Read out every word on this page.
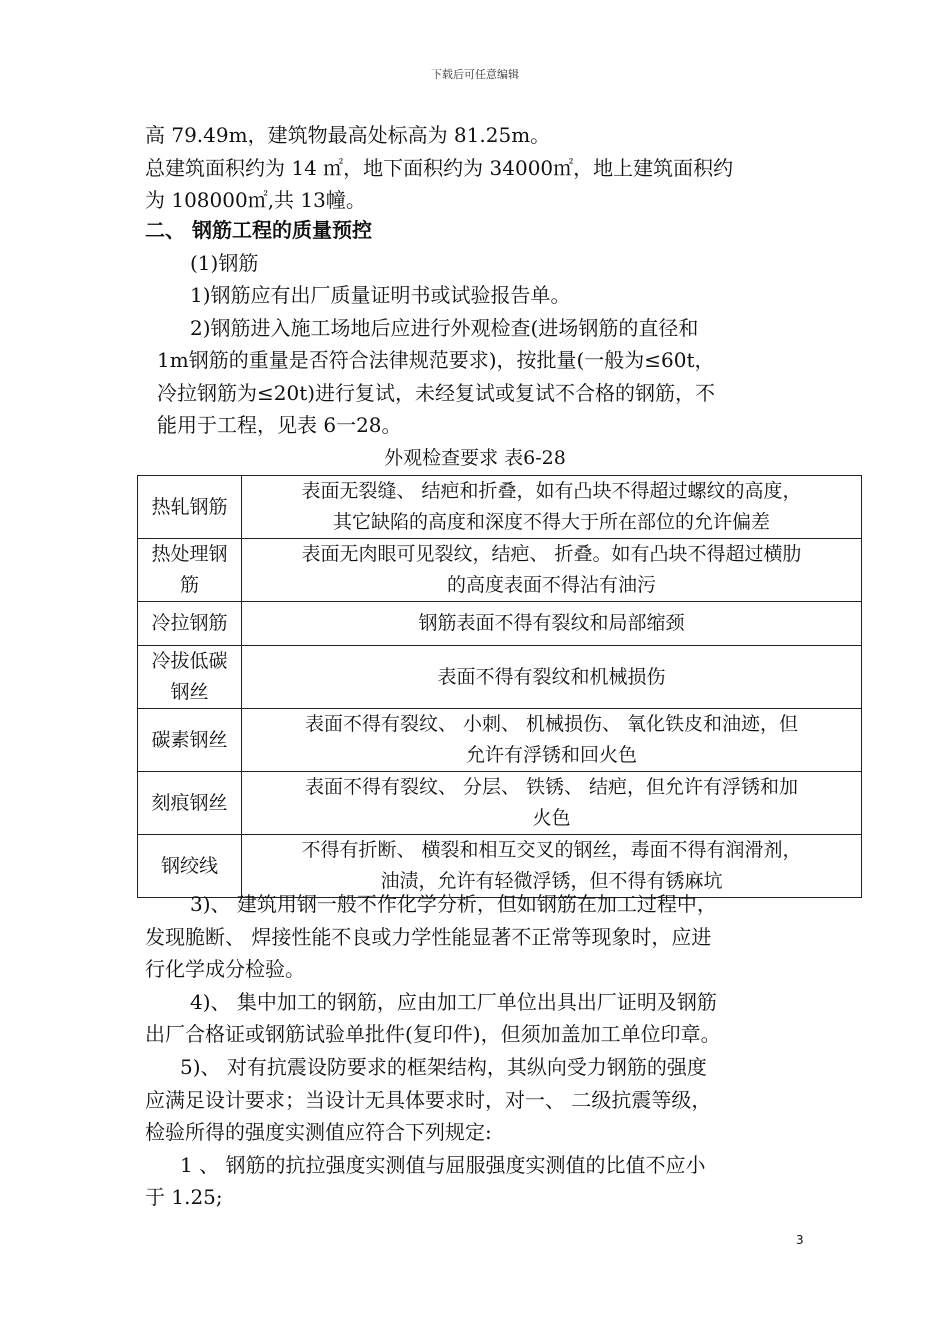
下载后可任意编辑
高 79.49m，建筑物最高处标高为 81.25m。
总建筑面积约为 14 ㎡，地下面积约为 34000㎡，地上建筑面积约
为 108000㎡,共 13幢。
二、 钢筋工程的质量预控
(1)钢筋
1)钢筋应有出厂质量证明书或试验报告单。
2)钢筋进入施工场地后应进行外观检查(进场钢筋的直径和
1m钢筋的重量是否符合法律规范要求)，按批量(一般为≤60t，
冷拉钢筋为≤20t)进行复试，未经复试或复试不合格的钢筋，不
能用于工程，见表 6一28。
外观检查要求 表6-28
热轧钢筋	表面无裂缝、 结疤和折叠，如有凸块不得超过螺纹的高度，
其它缺陷的高度和深度不得大于所在部位的允许偏差
热处理钢
筋	表面无肉眼可见裂纹，结疤、 折叠。如有凸块不得超过横肋
的高度表面不得沾有油污
冷拉钢筋	钢筋表面不得有裂纹和局部缩颈
冷拔低碳
钢丝	表面不得有裂纹和机械损伤
碳素钢丝	表面不得有裂纹、 小刺、 机械损伤、 氧化铁皮和油迹，但
允许有浮锈和回火色
刻痕钢丝	表面不得有裂纹、 分层、 铁锈、 结疤，但允许有浮锈和加
火色
钢绞线	不得有折断、 横裂和相互交叉的钢丝，毒面不得有润滑剂，
油渍，允许有轻微浮锈，但不得有锈麻坑
3)、 建筑用钢一般不作化学分析，但如钢筋在加工过程中，
发现脆断、 焊接性能不良或力学性能显著不正常等现象时，应进
行化学成分检验。
4)、 集中加工的钢筋，应由加工厂单位出具出厂证明及钢筋
出厂合格证或钢筋试验单批件(复印件)，但须加盖加工单位印章。
5)、 对有抗震设防要求的框架结构，其纵向受力钢筋的强度
应满足设计要求；当设计无具体要求时，对一、 二级抗震等级，
检验所得的强度实测值应符合下列规定:
1 、 钢筋的抗拉强度实测值与屈服强度实测值的比值不应小
于 1.25;
3
